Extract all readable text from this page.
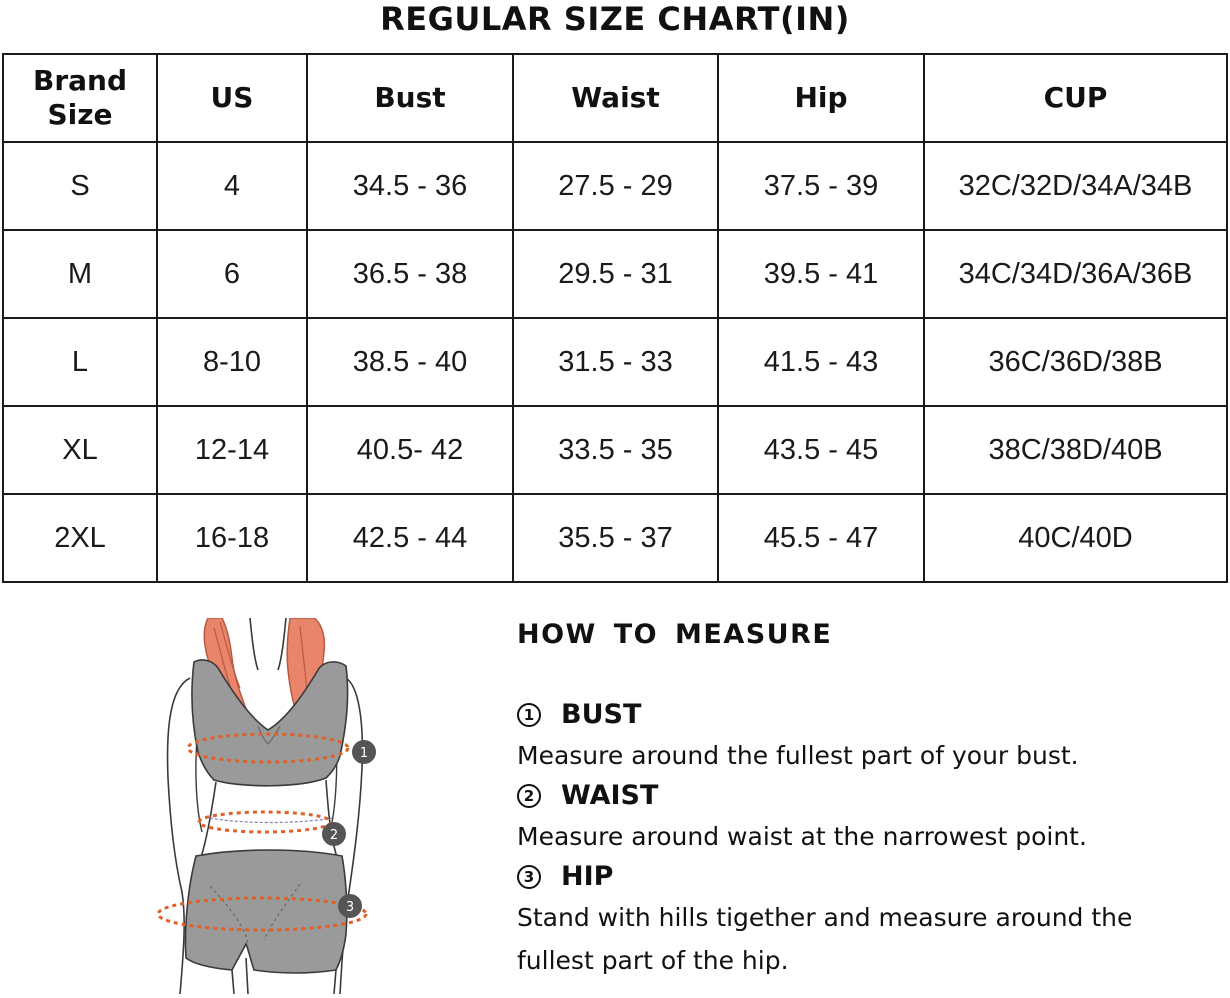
REGULAR SIZE CHART(IN)
Brand Size	US	Bust	Waist	Hip	CUP
S	4	34.5 - 36	27.5 - 29	37.5 - 39	32C/32D/34A/34B
M	6	36.5 - 38	29.5 - 31	39.5 - 41	34C/34D/36A/36B
L	8-10	38.5 - 40	31.5 - 33	41.5 - 43	36C/36D/38B
XL	12-14	40.5- 42	33.5 - 35	43.5 - 45	38C/38D/40B
2XL	16-18	42.5 - 44	35.5 - 37	45.5 - 47	40C/40D
1
2
3
HOW TO MEASURE
1 BUST
Measure around the fullest part of your bust.
2 WAIST
Measure around waist at the narrowest point.
3 HIP
Stand with hills tigether and measure around the
fullest part of the hip.
